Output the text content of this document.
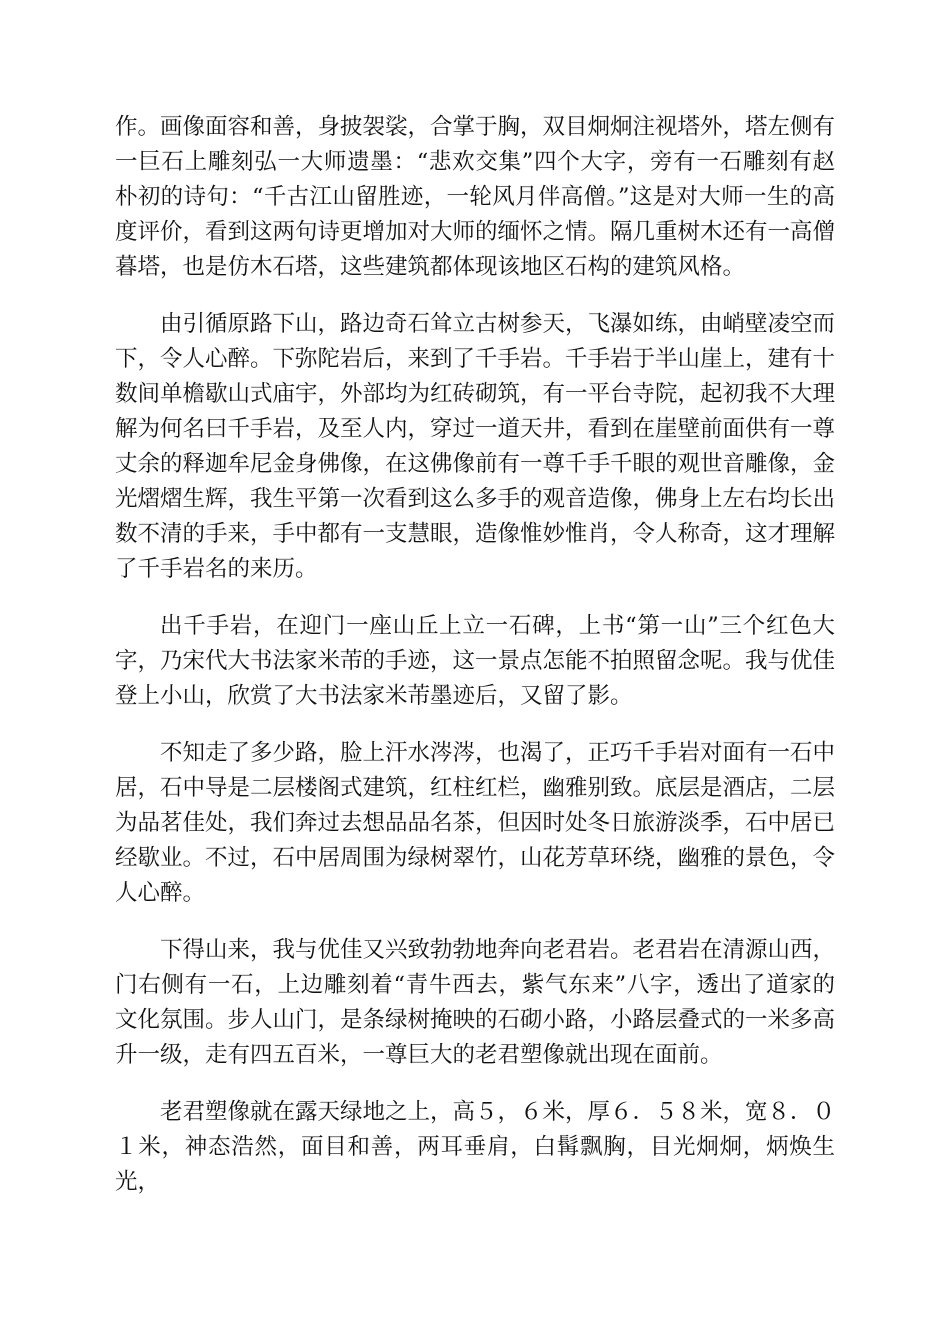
作。画像面容和善，身披袈裟，合掌于胸，双目炯炯注视塔外，塔左侧有一巨石上雕刻弘一大师遗墨：“悲欢交集”四个大字，旁有一石雕刻有赵朴初的诗句：“千古江山留胜迹，一轮风月伴高僧。”这是对大师一生的高度评价，看到这两句诗更增加对大师的缅怀之情。隔几重树木还有一高僧暮塔，也是仿木石塔，这些建筑都体现该地区石构的建筑风格。

由引循原路下山，路边奇石耸立古树参天，飞瀑如练，由峭壁凌空而下，令人心醉。下弥陀岩后，来到了千手岩。千手岩于半山崖上，建有十数间单檐歇山式庙宇，外部均为红砖砌筑，有一平台寺院，起初我不大理解为何名曰千手岩，及至人内，穿过一道天井，看到在崖壁前面供有一尊丈余的释迦牟尼金身佛像，在这佛像前有一尊千手千眼的观世音雕像，金光熠熠生辉，我生平第一次看到这么多手的观音造像，佛身上左右均长出数不清的手来，手中都有一支慧眼，造像惟妙惟肖，令人称奇，这才理解了千手岩名的来历。

出千手岩，在迎门一座山丘上立一石碑，上书“第一山”三个红色大字，乃宋代大书法家米芾的手迹，这一景点怎能不拍照留念呢。我与优佳登上小山，欣赏了大书法家米芾墨迹后，又留了影。

不知走了多少路，脸上汗水涔涔，也渴了，正巧千手岩对面有一石中居，石中导是二层楼阁式建筑，红柱红栏，幽雅别致。底层是酒店，二层为品茗佳处，我们奔过去想品品名茶，但因时处冬日旅游淡季，石中居已经歇业。不过，石中居周围为绿树翠竹，山花芳草环绕，幽雅的景色，令人心醉。

下得山来，我与优佳又兴致勃勃地奔向老君岩。老君岩在清源山西，门右侧有一石，上边雕刻着“青牛西去，紫气东来”八字，透出了道家的文化氛围。步人山门，是条绿树掩映的石砌小路，小路层叠式的一米多高升一级，走有四五百米，一尊巨大的老君塑像就出现在面前。

老君塑像就在露天绿地之上，高５，６米，厚６．５８米，宽８．０１米，神态浩然，面目和善，两耳垂肩，白髯飘胸，目光炯炯，炳焕生光，
